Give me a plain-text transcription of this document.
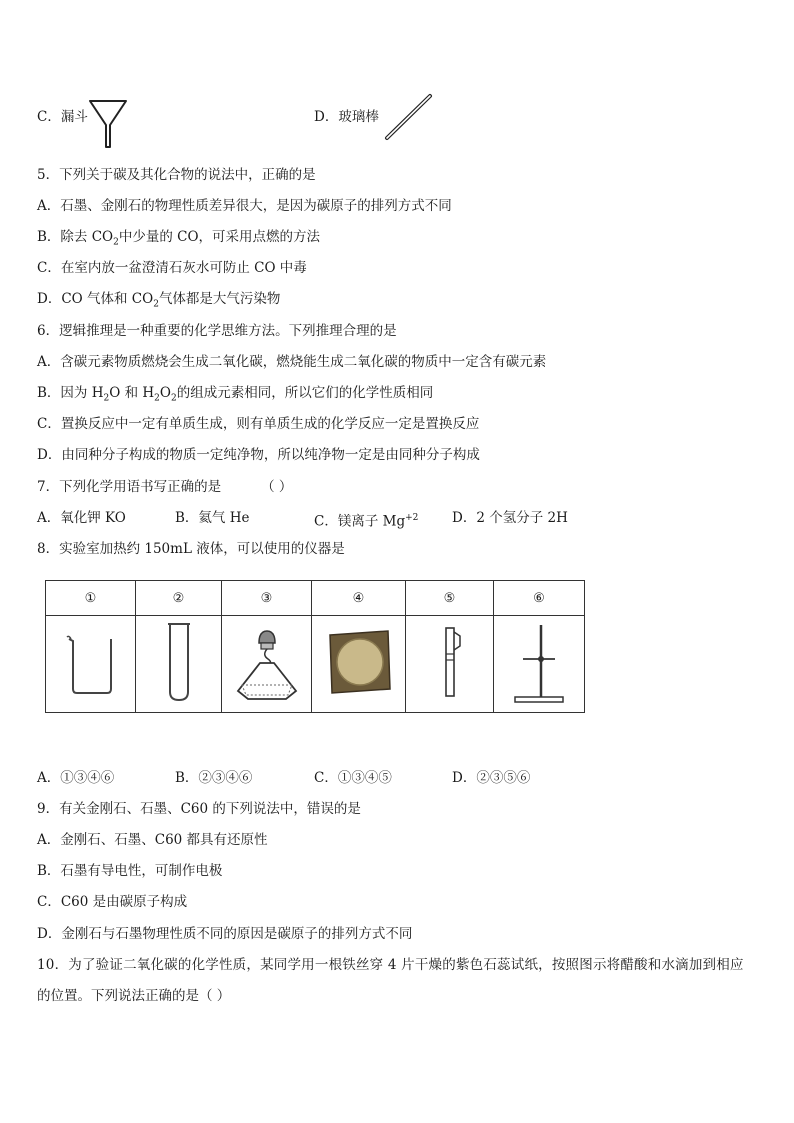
C．漏斗	D．玻璃棒
5．下列关于碳及其化合物的说法中，正确的是
A．石墨、金刚石的物理性质差异很大，是因为碳原子的排列方式不同
B．除去 $CO_2$中少量的 CO，可采用点燃的方法
C．在室内放一盆澄清石灰水可防止 CO 中毒
D．CO 气体和 $CO_2$气体都是大气污染物
6．逻辑推理是一种重要的化学思维方法。下列推理合理的是
A．含碳元素物质燃烧会生成二氧化碳，燃烧能生成二氧化碳的物质中一定含有碳元素
B．因为 $H_2O$ 和 $H_2O_2$的组成元素相同，所以它们的化学性质相同
C．置换反应中一定有单质生成，则有单质生成的化学反应一定是置换反应
D．由同种分子构成的物质一定纯净物，所以纯净物一定是由同种分子构成
7．下列化学用语书写正确的是	（ ）
A．氧化钾 KO	B．氦气 He	C．镁离子 $Mg^{+2}$ D．2 个氢分子 2H
8．实验室加热约 150mL 液体，可以使用的仪器是
①	②	③	④	⑤	⑥

A．①③④⑥	B．②③④⑥	C．①③④⑤	D．②③⑤⑥
9．有关金刚石、石墨、C60 的下列说法中，错误的是
A．金刚石、石墨、C60 都具有还原性
B．石墨有导电性，可制作电极
C．C60 是由碳原子构成
D．金刚石与石墨物理性质不同的原因是碳原子的排列方式不同
10．为了验证二氧化碳的化学性质，某同学用一根铁丝穿 4 片干燥的紫色石蕊试纸，按照图示将醋酸和水滴加到相应
的位置。下列说法正确的是（ ）
